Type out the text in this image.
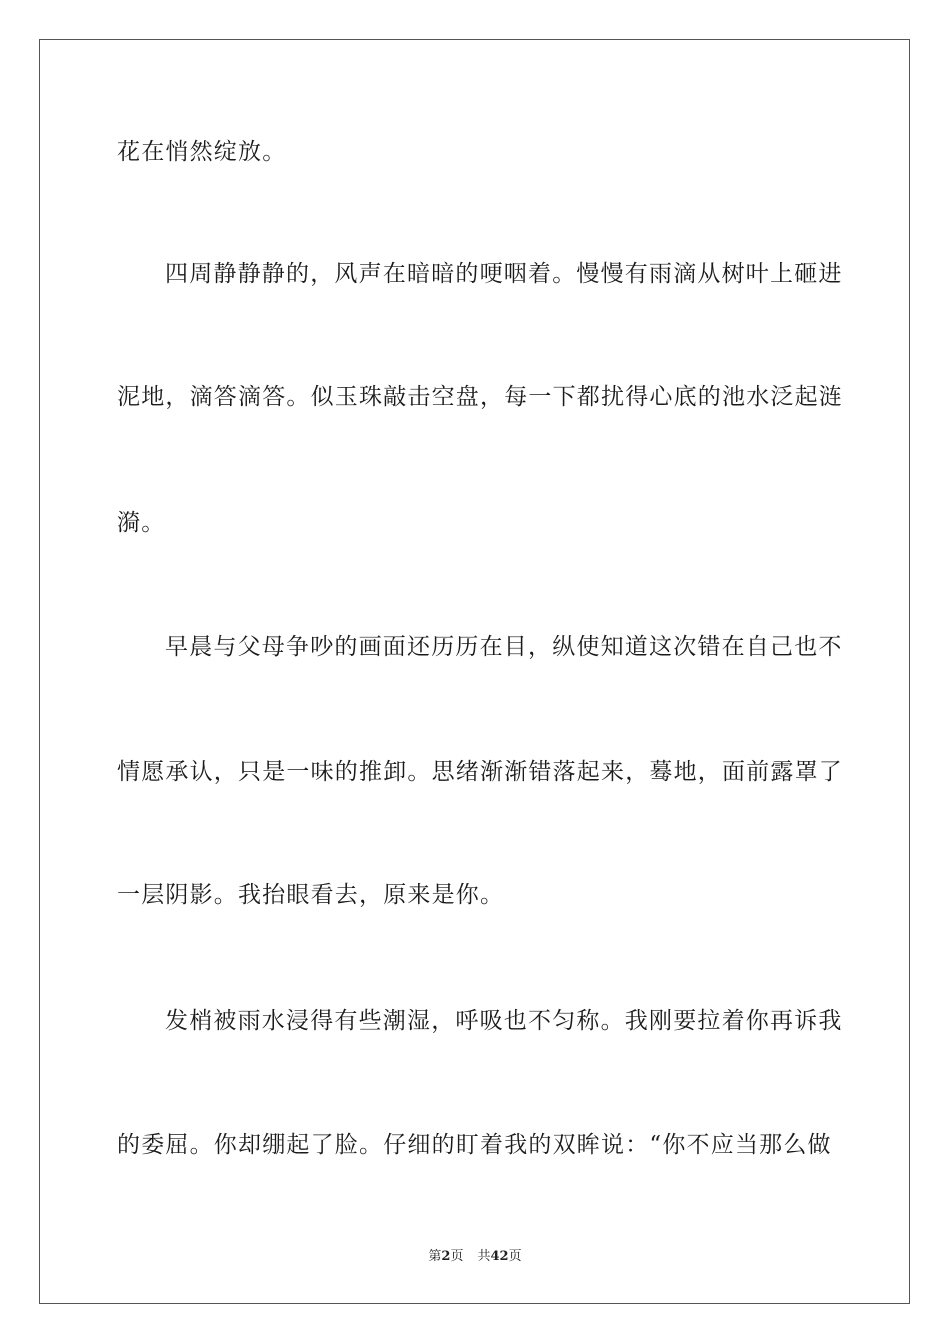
花在悄然绽放。
四周静静静的，风声在暗暗的哽咽着。慢慢有雨滴从树叶上砸进
泥地，滴答滴答。似玉珠敲击空盘，每一下都扰得心底的池水泛起涟
漪。
早晨与父母争吵的画面还历历在目，纵使知道这次错在自己也不
情愿承认，只是一味的推卸。思绪渐渐错落起来，蓦地，面前露罩了
一层阴影。我抬眼看去，原来是你。
发梢被雨水浸得有些潮湿，呼吸也不匀称。我刚要拉着你再诉我
的委屈。你却绷起了脸。仔细的盯着我的双眸说：“你不应当那么做
第2页 共42页
